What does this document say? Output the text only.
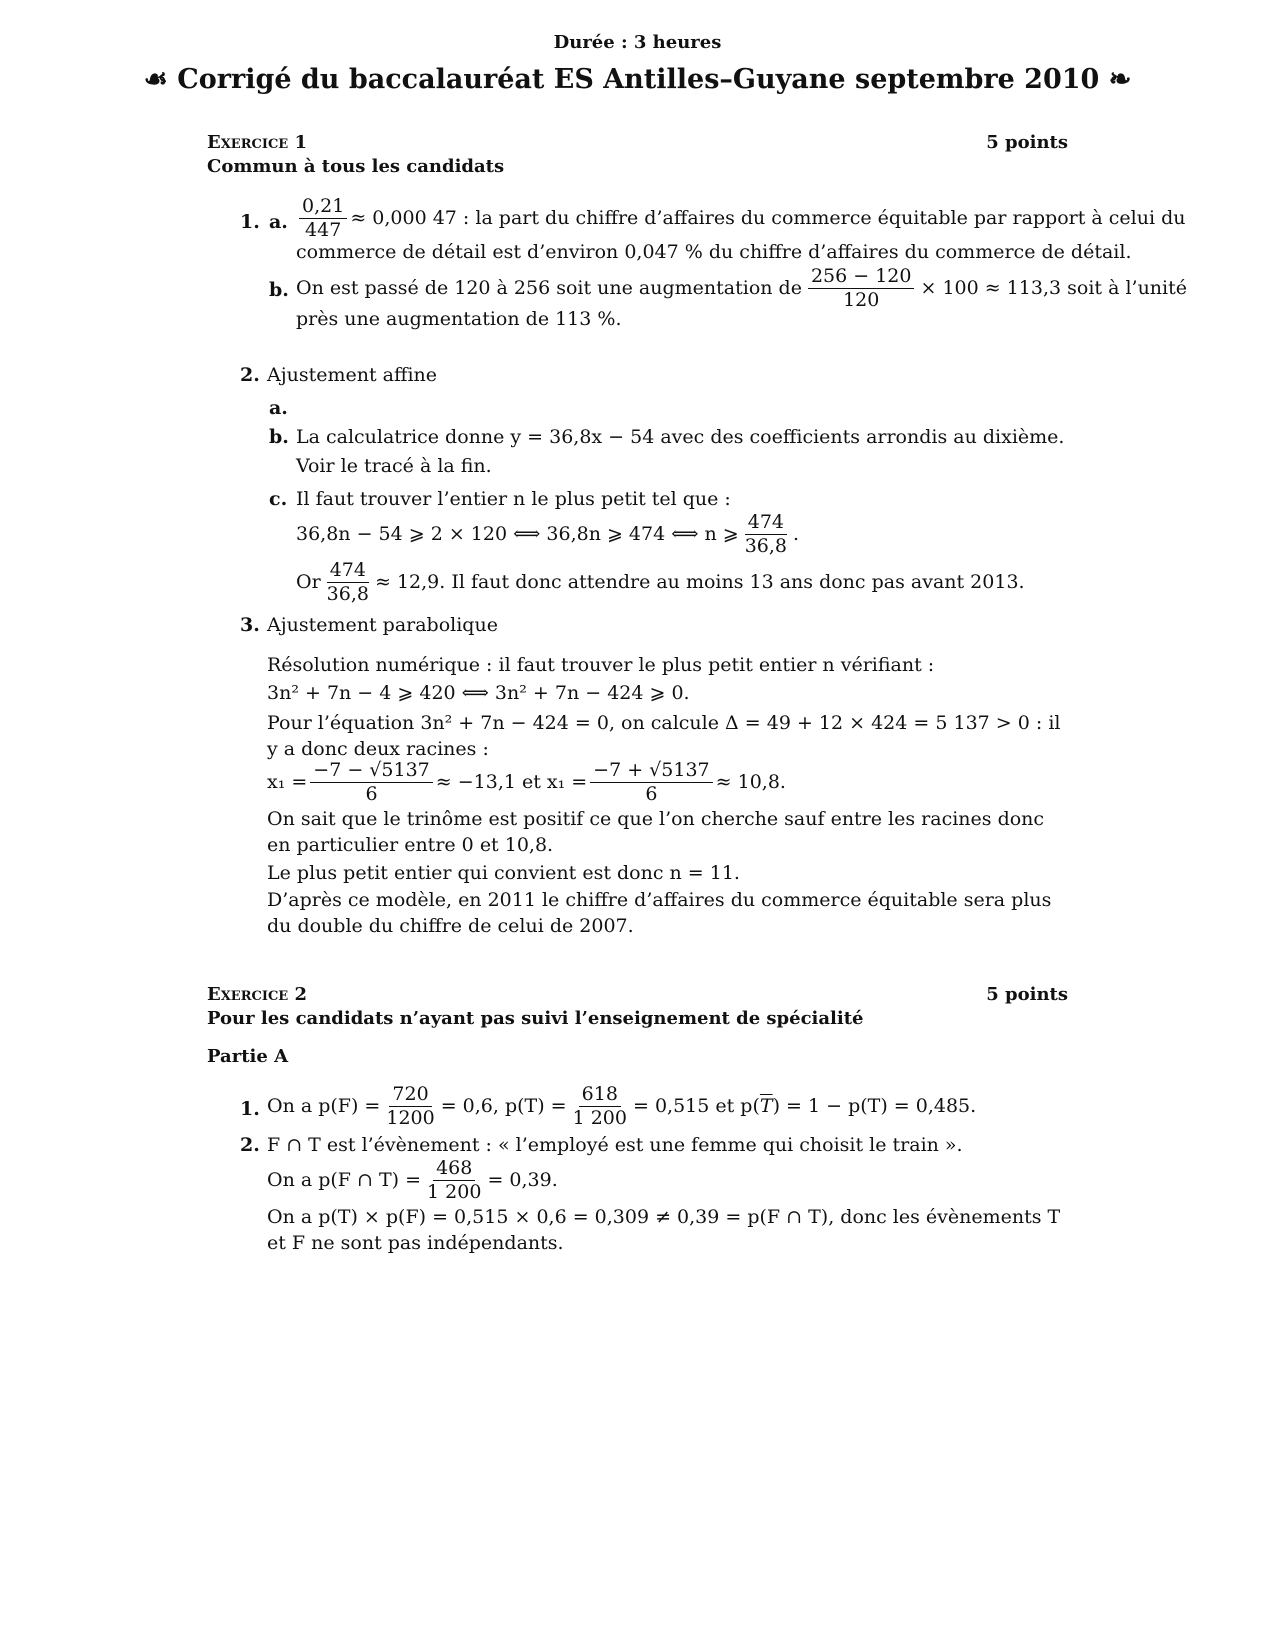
Durée : 3 heures
☙ Corrigé du baccalauréat ES Antilles–Guyane septembre 2010 ❧
Exercice 1	5 points
Commun à tous les candidats
1. a. $\frac{0,21}{447} \approx 0,000$ 47 : la part du chiffre d’affaires du commerce équitable par rapport à celui du
commerce de détail est d’environ 0,047 % du chiffre d’affaires du commerce de détail.
b. On est passé de 120 à 256 soit une augmentation de $\frac{256 - 120}{120} \times 100 \approx 113,3$ soit à l’unité
près une augmentation de 113 %.
2. Ajustement affine
a.
b. La calculatrice donne y = 36,8x − 54 avec des coefficients arrondis au dixième.
Voir le tracé à la fin.
c. Il faut trouver l’entier n le plus petit tel que :
36,8n − 54 ⩾ 2 × 120 ⟺ 36,8n ⩾ 474 ⟺ n ⩾ $\frac{474}{36,8}$ .
Or $\frac{474}{36,8} \approx 12,9$. Il faut donc attendre au moins 13 ans donc pas avant 2013.
3. Ajustement parabolique
Résolution numérique : il faut trouver le plus petit entier n vérifiant :
3n² + 7n − 4 ⩾ 420 ⟺ 3n² + 7n − 424 ⩾ 0.
Pour l’équation 3n² + 7n − 424 = 0, on calcule Δ = 49 + 12 × 424 = 5 137 > 0 : il y a donc deux racines :
$x_1 = \frac{-7 - √5137}{6} \approx -13,1$ et $x_1 = \frac{-7 + √5137}{6} \approx 10,8$.
On sait que le trinôme est positif ce que l’on cherche sauf entre les racines donc en particulier entre 0 et 10,8.
Le plus petit entier qui convient est donc n = 11.
D’après ce modèle, en 2011 le chiffre d’affaires du commerce équitable sera plus du double du chiffre de celui de 2007.
Exercice 2	5 points
Pour les candidats n’ayant pas suivi l’enseignement de spécialité
Partie A
1. On a $p(F) = \frac{720}{1200} = 0,6$, $p(T) = \frac{618}{1 200} = 0,515$ et p( $\overline{T}$ ) = 1 − p(T) = 0,485.
2. F ∩ T est l’évènement : « l’employé est une femme qui choisit le train ».
On a p(F ∩ $T) = \frac{468}{1 200} = 0,39$.
On a p(T) × p(F) = 0,515 × 0,6 = 0,309 ≠ 0,39 = p(F ∩ T), donc les évènements T et F ne sont pas indépendants.
